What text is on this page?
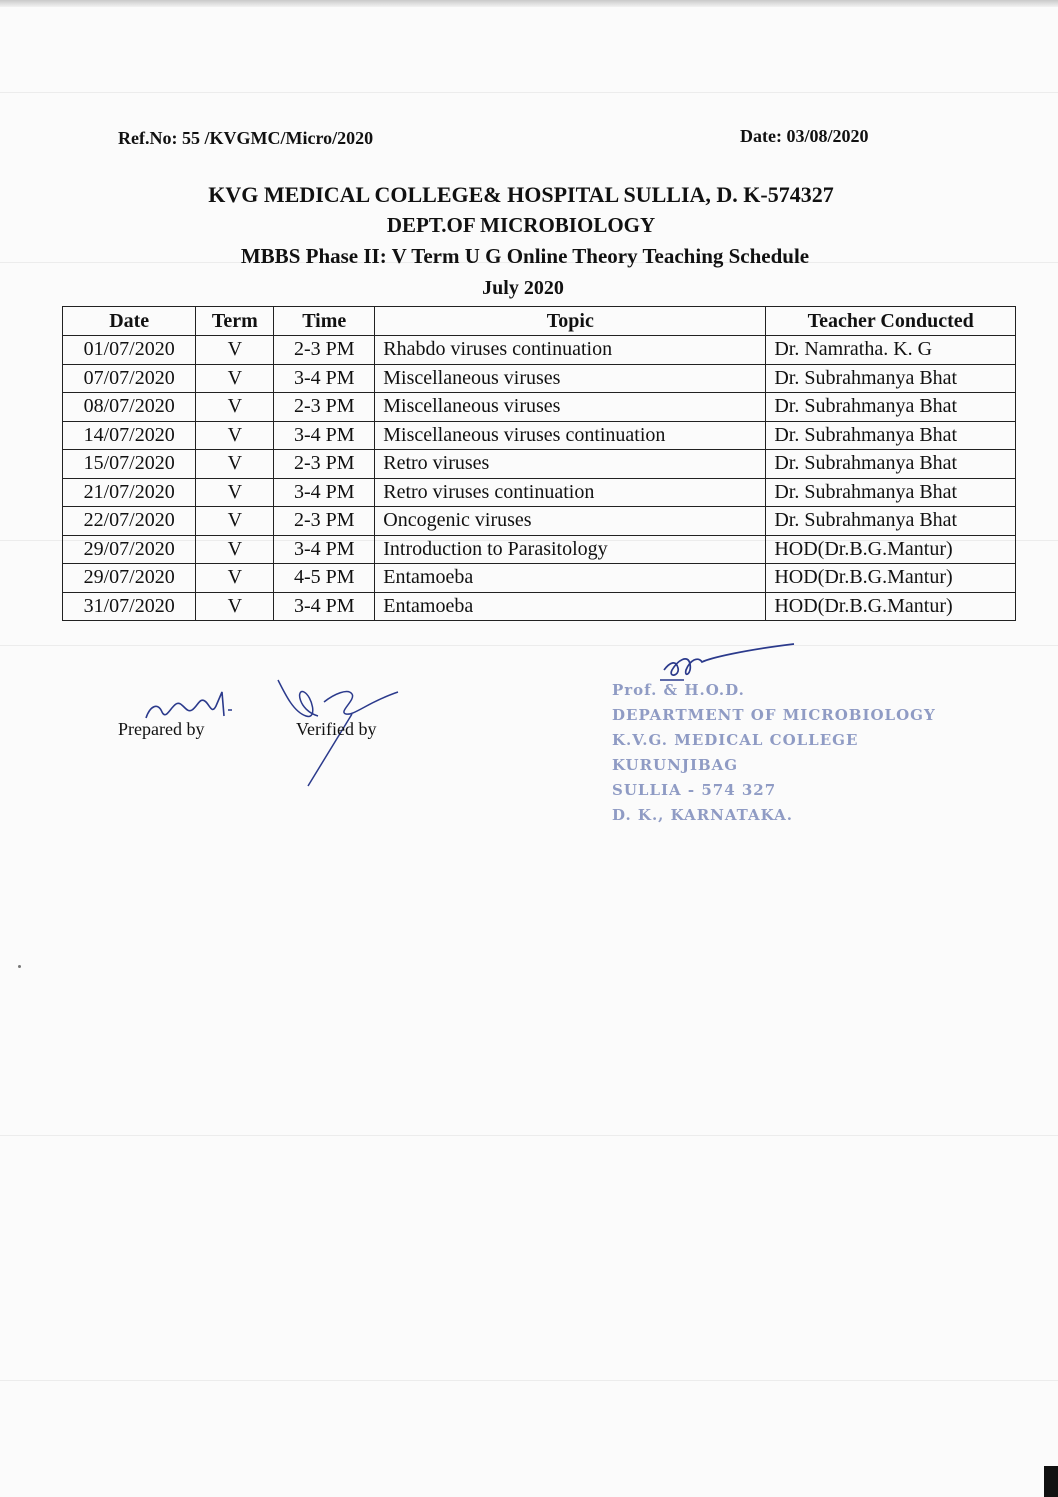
Ref.No: 55 /KVGMC/Micro/2020	Date: 03/08/2020
KVG MEDICAL COLLEGE& HOSPITAL SULLIA, D. K-574327
DEPT.OF MICROBIOLOGY
MBBS Phase II: V Term U G Online Theory Teaching Schedule
July 2020
Date	Term	Time	Topic	Teacher Conducted
01/07/2020	V	2-3 PM	Rhabdo viruses continuation	Dr. Namratha. K. G
07/07/2020	V	3-4 PM	Miscellaneous viruses	Dr. Subrahmanya Bhat
08/07/2020	V	2-3 PM	Miscellaneous viruses	Dr. Subrahmanya Bhat
14/07/2020	V	3-4 PM	Miscellaneous viruses continuation	Dr. Subrahmanya Bhat
15/07/2020	V	2-3 PM	Retro viruses	Dr. Subrahmanya Bhat
21/07/2020	V	3-4 PM	Retro viruses continuation	Dr. Subrahmanya Bhat
22/07/2020	V	2-3 PM	Oncogenic viruses	Dr. Subrahmanya Bhat
29/07/2020	V	3-4 PM	Introduction to Parasitology	HOD(Dr.B.G.Mantur)
29/07/2020	V	4-5 PM	Entamoeba	HOD(Dr.B.G.Mantur)
31/07/2020	V	3-4 PM	Entamoeba	HOD(Dr.B.G.Mantur)
Prepared by	Verified by
Prof. & H.O.D.
DEPARTMENT OF MICROBIOLOGY
K.V.G. MEDICAL COLLEGE
KURUNJIBAG
SULLIA - 574 327
D. K., KARNATAKA.
